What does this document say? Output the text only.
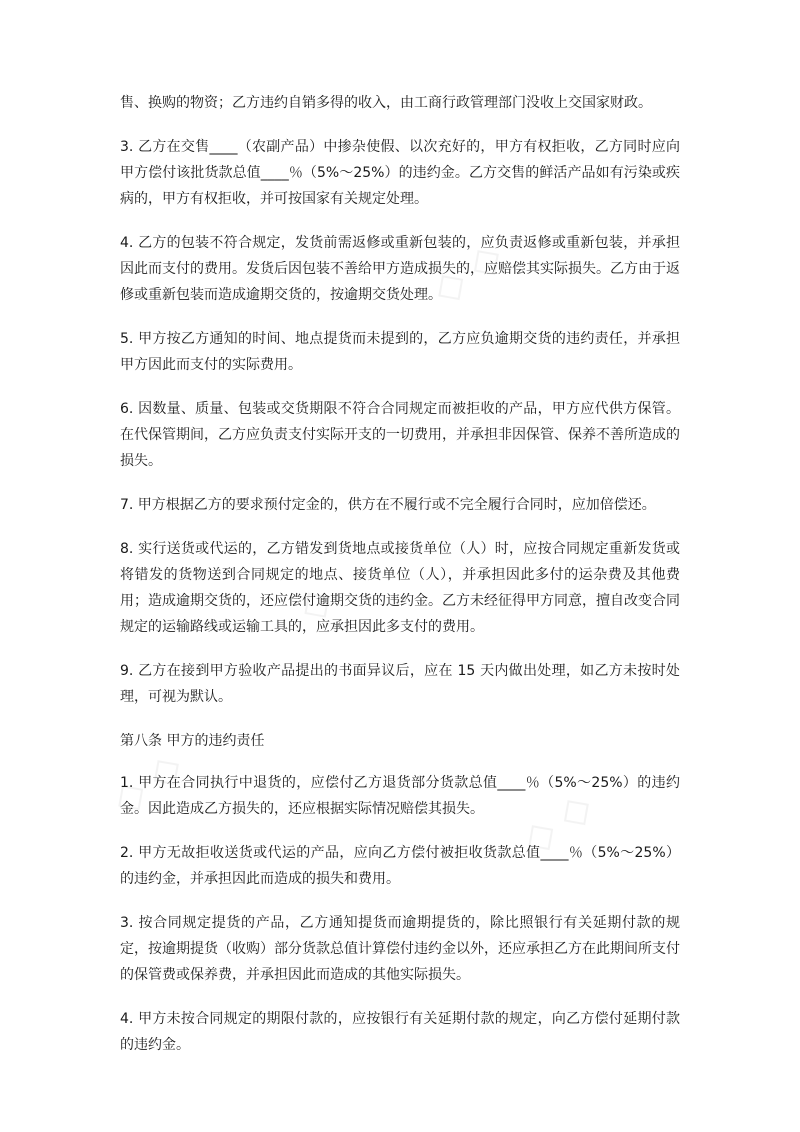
售、换购的物资；乙方违约自销多得的收入，由工商行政管理部门没收上交国家财政。

3. 乙方在交售____（农副产品）中掺杂使假、以次充好的，甲方有权拒收，乙方同时应向甲方偿付该批货款总值____％（5%～25%）的违约金。乙方交售的鲜活产品如有污染或疾病的，甲方有权拒收，并可按国家有关规定处理。

4. 乙方的包装不符合规定，发货前需返修或重新包装的，应负责返修或重新包装，并承担因此而支付的费用。发货后因包装不善给甲方造成损失的，应赔偿其实际损失。乙方由于返修或重新包装而造成逾期交货的，按逾期交货处理。

5. 甲方按乙方通知的时间、地点提货而未提到的，乙方应负逾期交货的违约责任，并承担甲方因此而支付的实际费用。

6. 因数量、质量、包装或交货期限不符合合同规定而被拒收的产品，甲方应代供方保管。在代保管期间，乙方应负责支付实际开支的一切费用，并承担非因保管、保养不善所造成的损失。

7. 甲方根据乙方的要求预付定金的，供方在不履行或不完全履行合同时，应加倍偿还。

8. 实行送货或代运的，乙方错发到货地点或接货单位（人）时，应按合同规定重新发货或将错发的货物送到合同规定的地点、接货单位（人），并承担因此多付的运杂费及其他费用；造成逾期交货的，还应偿付逾期交货的违约金。乙方未经征得甲方同意，擅自改变合同规定的运输路线或运输工具的，应承担因此多支付的费用。

9. 乙方在接到甲方验收产品提出的书面异议后，应在 15 天内做出处理，如乙方未按时处理，可视为默认。

第八条 甲方的违约责任

1. 甲方在合同执行中退货的，应偿付乙方退货部分货款总值____％（5%～25%）的违约金。因此造成乙方损失的，还应根据实际情况赔偿其损失。

2. 甲方无故拒收送货或代运的产品，应向乙方偿付被拒收货款总值____％（5%～25%）的违约金，并承担因此而造成的损失和费用。

3. 按合同规定提货的产品，乙方通知提货而逾期提货的，除比照银行有关延期付款的规定，按逾期提货（收购）部分货款总值计算偿付违约金以外，还应承担乙方在此期间所支付的保管费或保养费，并承担因此而造成的其他实际损失。

4. 甲方未按合同规定的期限付款的，应按银行有关延期付款的规定，向乙方偿付延期付款的违约金。
